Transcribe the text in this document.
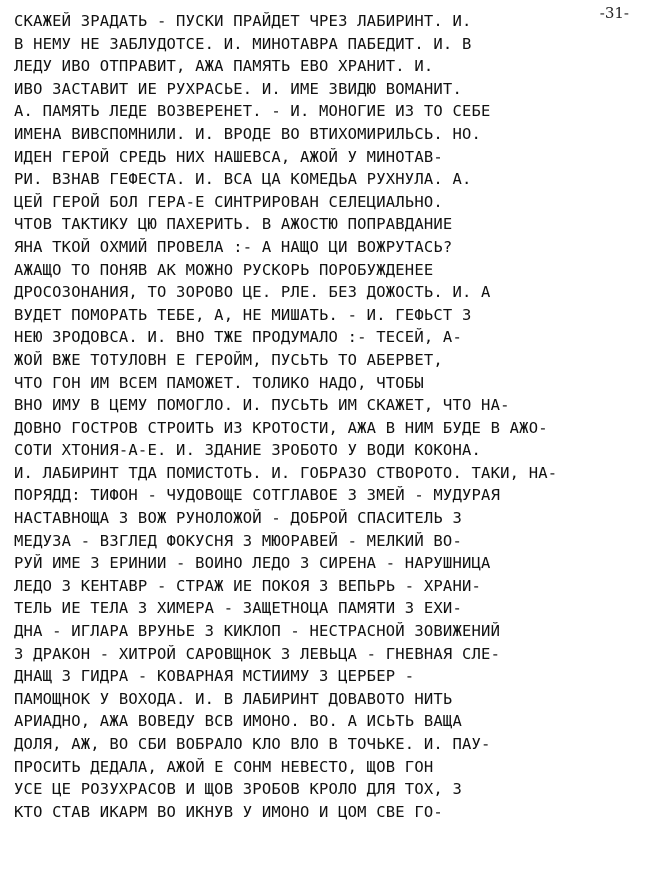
-31-
СКАЖЕЙ ЗРАДАТЬ - ПУСКИ ПРАЙДЕТ ЧРЕЗ ЛАБИРИНТ. И.
В НЕМУ НЕ ЗАБЛУДОТСЕ. И. МИНОТАВРА ПАБЕДИТ. И. В
ЛЕДУ ИВО ОТПРАВИТ, АЖА ПАМЯТЬ ЕВО ХРАНИТ. И.
ИВО ЗАСТАВИТ ИЕ РУХРАСЬЕ. И. ИМЕ ЗВИДЮ ВОМАНИТ.
А. ПАМЯТЬ ЛЕДЕ ВОЗВЕРЕНЕТ. - И. МОНОГИЕ ИЗ ТО СЕБЕ
ИМЕНА ВИВСПОМНИЛИ. И. ВРОДЕ ВО ВТИХОМИРИЛЬСЬ. НО.
ИДЕН ГЕРОЙ СРЕДЬ НИХ НАШЕВСА, АЖОЙ У МИНОТАВ-
РИ. ВЗНАВ ГЕФЕСТА. И. ВСА ЦА КОМЕДЬА РУХНУЛА. А.
ЦЕЙ ГЕРОЙ БОЛ ГЕРА-Е СИНТРИРОВАН СЕЛЕЦИАЛЬНО.
ЧТОВ ТАКТИКУ ЦЮ ПАХЕРИТЬ. В АЖОСТЮ ПОПРАВДАНИЕ
ЯНА ТКОЙ ОХМИЙ ПРОВЕЛА :- А НАЩО ЦИ ВОЖРУТАСЬ?
АЖАЩО ТО ПОНЯВ АК МОЖНО РУСКОРЬ ПОРОБУЖДЕНЕЕ
ДРОСОЗОНАНИЯ, ТО ЗОРОВО ЦЕ. РЛЕ. БЕЗ ДОЖОСТЬ. И. А
ВУДЕТ ПОМОРАТЬ ТЕБЕ, А, НЕ МИШАТЬ. - И. ГЕФЬСТ З
НЕЮ ЗРОДОВСА. И. ВНО ТЖЕ ПРОДУМАЛО :- ТЕСЕЙ, А-
ЖОЙ ВЖЕ ТОТУЛОВН Е ГЕРОЙМ, ПУСЬТЬ ТО АБЕРВЕТ,
ЧТО ГОН ИМ ВСЕМ ПАМОЖЕТ. ТОЛИКО НАДО, ЧТОБЫ
ВНО ИМУ В ЦЕМУ ПОМОГЛО. И. ПУСЬТЬ ИМ СКАЖЕТ, ЧТО НА-
ДОВНО ГОСТРОВ СТРОИТЬ ИЗ КРОТОСТИ, АЖА В НИМ БУДЕ В АЖО-
СОТИ ХТОНИЯ-А-Е. И. ЗДАНИЕ ЗРОБОТО У ВОДИ КОКОНА.
И. ЛАБИРИНТ ТДА ПОМИСТОТЬ. И. ГОБРАЗО СТВОРОТО. ТАКИ, НА-
ПОРЯДД: ТИФОН - ЧУДОВОЩЕ СОТГЛАВОЕ З ЗМЕЙ - МУДУРАЯ
НАСТАВНОЩА З ВОЖ РУНОЛОЖОЙ - ДОБРОЙ СПАСИТЕЛЬ З
МЕДУЗА - ВЗГЛЕД ФОКУСНЯ З МЮОРАВЕЙ - МЕЛКИЙ ВО-
РУЙ ИМЕ З ЕРИНИИ - ВОИНО ЛЕДО З СИРЕНА - НАРУШНИЦА
ЛЕДО З КЕНТАВР - СТРАЖ ИЕ ПОКОЯ З ВЕПЬРЬ - ХРАНИ-
ТЕЛЬ ИЕ ТЕЛА З ХИМЕРА - ЗАЩЕТНОЦА ПАМЯТИ З ЕХИ-
ДНА - ИГЛАРА ВРУНЬЕ З КИКЛОП - НЕСТРАСНОЙ ЗОВИЖЕНИЙ
З ДРАКОН - ХИТРОЙ САРОВЩНОК З ЛЕВЬЦА - ГНЕВНАЯ СЛЕ-
ДНАЩ З ГИДРА - КОВАРНАЯ МСТИИМУ З ЦЕРБЕР -
ПАМОЩНОК У ВОХОДА. И. В ЛАБИРИНТ ДОВАВОТО НИТЬ
АРИАДНО, АЖА ВОВЕДУ ВСВ ИМОНО. ВО. А ИСЬТЬ ВАЩА
ДОЛЯ, АЖ, ВО СБИ ВОБРАЛО КЛО ВЛО В ТОЧЬКЕ. И. ПАУ-
ПРОСИТЬ ДЕДАЛА, АЖОЙ Е СОНМ НЕВЕСТО, ЩОВ ГОН
УСЕ ЦЕ РОЗУХРАСОВ И ЩОВ ЗРОБОВ КРОЛО ДЛЯ ТОХ, З
КТО СТАВ ИКАРМ ВО ИКНУВ У ИМОНО И ЦОМ СВЕ ГО-
